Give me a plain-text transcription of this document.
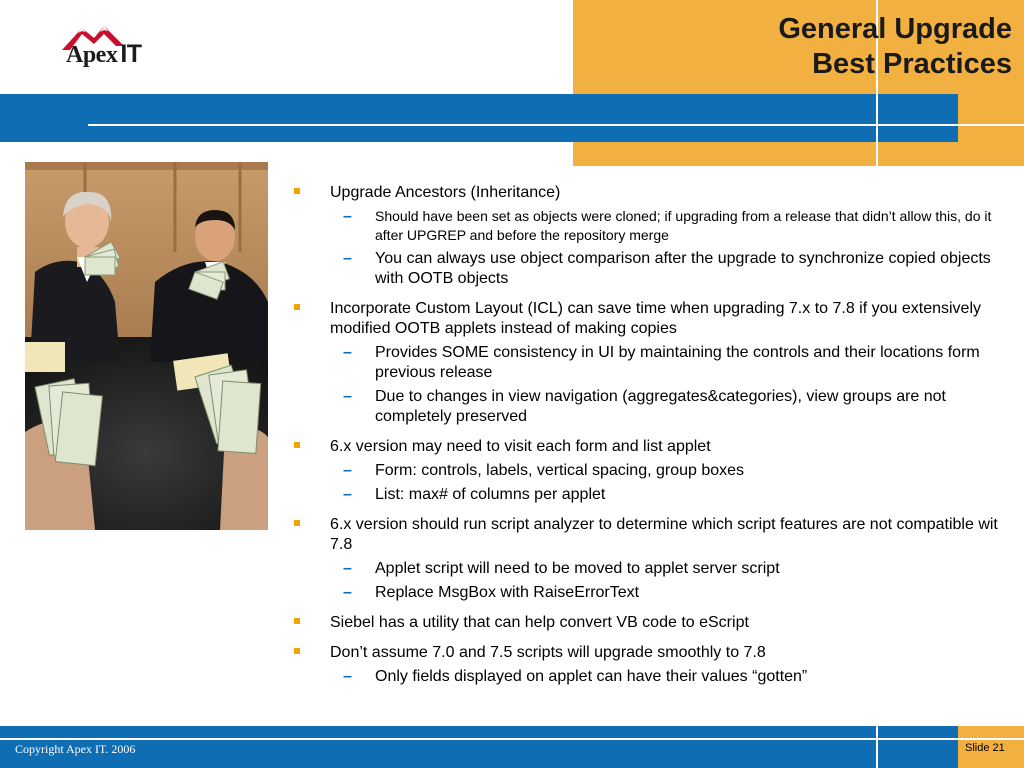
Apex IT
General Upgrade
Best Practices
Upgrade Ancestors (Inheritance)
– Should have been set as objects were cloned; if upgrading from a release that didn’t allow this, do it after UPGREP and before the repository merge
– You can always use object comparison after the upgrade to synchronize copied objects with OOTB objects
Incorporate Custom Layout (ICL) can save time when upgrading 7.x to 7.8 if you extensively modified OOTB applets instead of making copies
– Provides SOME consistency in UI by maintaining the controls and their locations form previous release
– Due to changes in view navigation (aggregates&categories), view groups are not completely preserved
6.x version may need to visit each form and list applet
– Form: controls, labels, vertical spacing, group boxes
– List: max# of columns per applet
6.x version should run script analyzer to determine which script features are not compatible wit 7.8
– Applet script will need to be moved to applet server script
– Replace MsgBox with RaiseErrorText
Siebel has a utility that can help convert VB code to eScript
Don’t assume 7.0 and 7.5 scripts will upgrade smoothly to 7.8
– Only fields displayed on applet can have their values “gotten”
Copyright Apex IT. 2006	Slide 21
